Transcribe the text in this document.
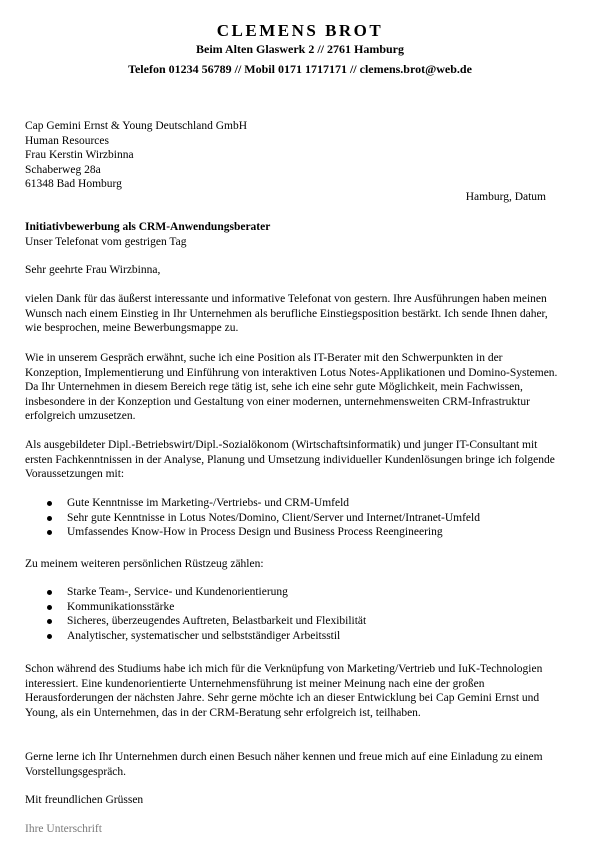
CLEMENS BROT
Beim Alten Glaswerk 2 // 2761 Hamburg
Telefon 01234 56789 // Mobil 0171 1717171 // clemens.brot@web.de
Cap Gemini Ernst & Young Deutschland GmbH
Human Resources
Frau Kerstin Wirzbinna
Schaberweg 28a
61348 Bad Homburg
Hamburg, Datum
Initiativbewerbung als CRM-Anwendungsberater
Unser Telefonat vom gestrigen Tag
Sehr geehrte Frau Wirzbinna,

vielen Dank für das äußerst interessante und informative Telefonat von gestern. Ihre Ausführungen haben meinen Wunsch nach einem Einstieg in Ihr Unternehmen als berufliche Einstiegsposition bestärkt. Ich sende Ihnen daher, wie besprochen, meine Bewerbungsmappe zu.

Wie in unserem Gespräch erwähnt, suche ich eine Position als IT-Berater mit den Schwerpunkten in der Konzeption, Implementierung und Einführung von interaktiven Lotus Notes-Applikationen und Domino-Systemen. Da Ihr Unternehmen in diesem Bereich rege tätig ist, sehe ich eine sehr gute Möglichkeit, mein Fachwissen, insbesondere in der Konzeption und Gestaltung von einer modernen, unternehmensweiten CRM-Infrastruktur erfolgreich umzusetzen.

Als ausgebildeter Dipl.-Betriebswirt/Dipl.-Sozialökonom (Wirtschaftsinformatik) und junger IT-Consultant mit ersten Fachkenntnissen in der Analyse, Planung und Umsetzung individueller Kundenlösungen bringe ich folgende Voraussetzungen mit:

Gute Kenntnisse im Marketing-/Vertriebs- und CRM-Umfeld
Sehr gute Kenntnisse in Lotus Notes/Domino, Client/Server und Internet/Intranet-Umfeld
Umfassendes Know-How in Process Design und Business Process Reengineering

Zu meinem weiteren persönlichen Rüstzeug zählen:

Starke Team-, Service- und Kundenorientierung
Kommunikationsstärke
Sicheres, überzeugendes Auftreten, Belastbarkeit und Flexibilität
Analytischer, systematischer und selbstständiger Arbeitsstil

Schon während des Studiums habe ich mich für die Verknüpfung von Marketing/Vertrieb und IuK-Technologien interessiert. Eine kundenorientierte Unternehmensführung ist meiner Meinung nach eine der großen Herausforderungen der nächsten Jahre. Sehr gerne möchte ich an dieser Entwicklung bei Cap Gemini Ernst und Young, als ein Unternehmen, das in der CRM-Beratung sehr erfolgreich ist, teilhaben.

Gerne lerne ich Ihr Unternehmen durch einen Besuch näher kennen und freue mich auf eine Einladung zu einem Vorstellungsgespräch.

Mit freundlichen Grüssen
Ihre Unterschrift
